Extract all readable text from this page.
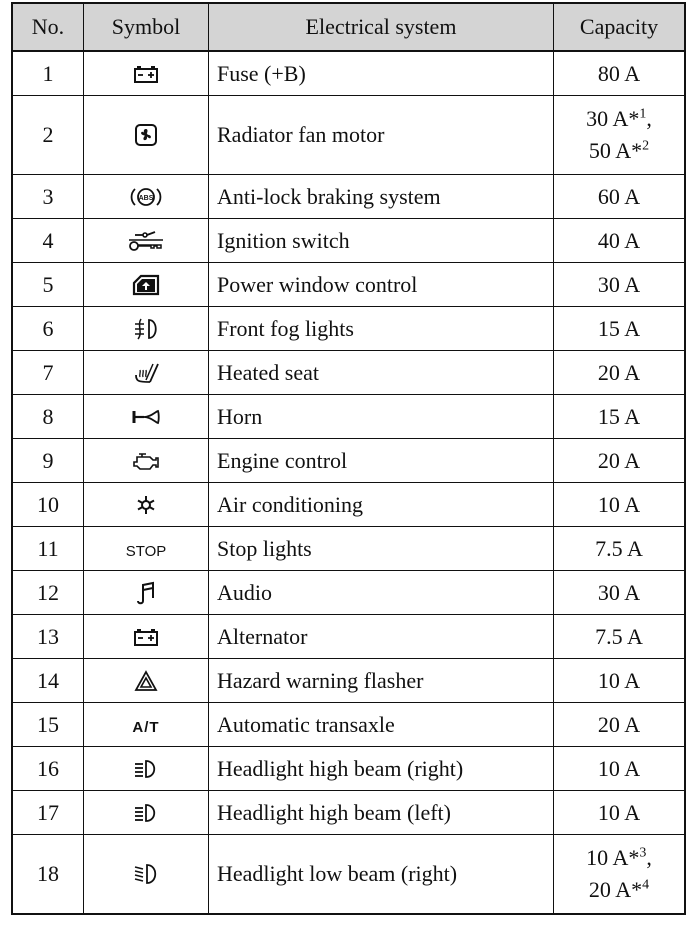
No.	Symbol	Electrical system	Capacity
1		Fuse (+B)	80 A
2		Radiator fan motor	30 A*$^1$,
50 A*$^2$

3	ABS	Anti-lock braking system	60 A
4		Ignition switch	40 A
5		Power window control	30 A
6		Front fog lights	15 A
7		Heated seat	20 A
8		Horn	15 A
9		Engine control	20 A
10		Air conditioning	10 A
11	STOP	Stop lights	7.5 A
12		Audio	30 A
13		Alternator	7.5 A
14		Hazard warning flasher	10 A
15	A/T	Automatic transaxle	20 A
16		Headlight high beam (right)	10 A
17		Headlight high beam (left)	10 A
18		Headlight low beam (right)	10 A*$^3$,
20 A*$^4$
